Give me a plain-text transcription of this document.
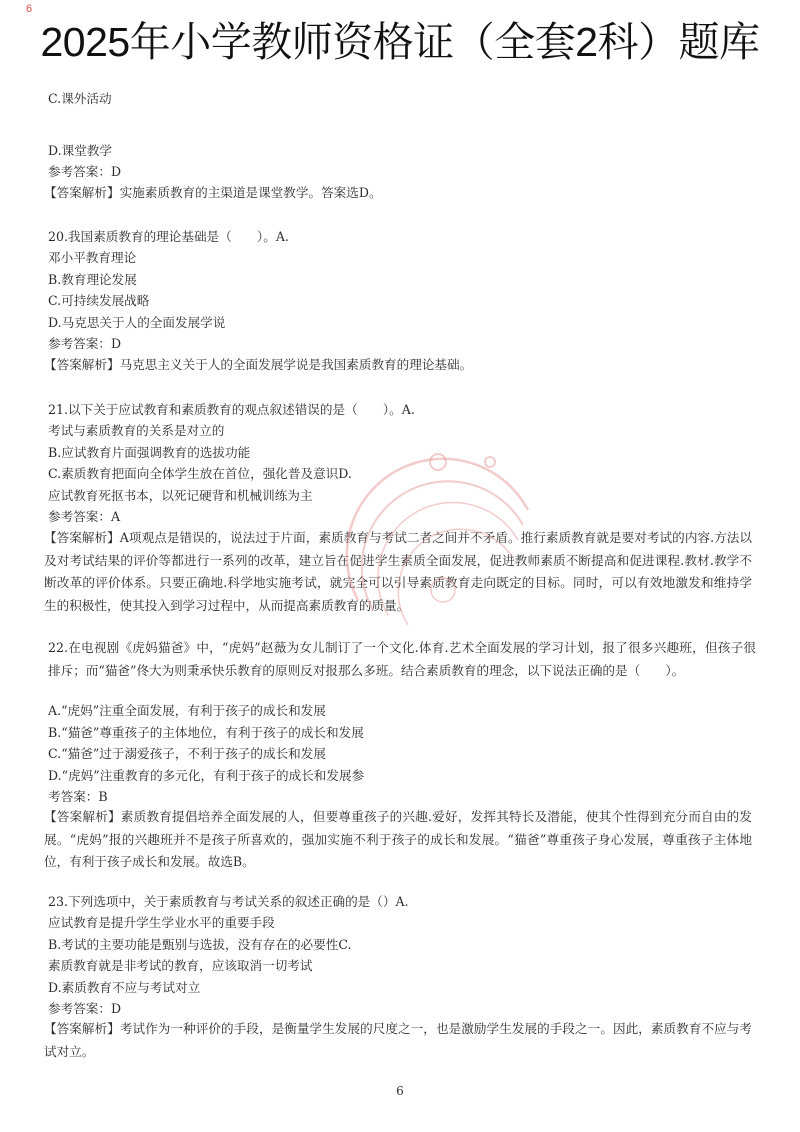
6
2025年小学教师资格证（全套2科）题库
C.课外活动
D.课堂教学
参考答案：D
【答案解析】实施素质教育的主渠道是课堂教学。答案选D。
20.我国素质教育的理论基础是（　　）。A.
邓小平教育理论
B.教育理论发展
C.可持续发展战略
D.马克思关于人的全面发展学说
参考答案：D
【答案解析】马克思主义关于人的全面发展学说是我国素质教育的理论基础。
21.以下关于应试教育和素质教育的观点叙述错误的是（　　）。A.
考试与素质教育的关系是对立的
B.应试教育片面强调教育的选拔功能
C.素质教育把面向全体学生放在首位，强化普及意识D.
应试教育死抠书本，以死记硬背和机械训练为主
参考答案：A
【答案解析】A项观点是错误的，说法过于片面，素质教育与考试二者之间并不矛盾。推行素质教育就是要对考试的内容.方法以及对考试结果的评价等都进行一系列的改革，建立旨在促进学生素质全面发展，促进教师素质不断提高和促进课程.教材.教学不断改革的评价体系。只要正确地.科学地实施考试，就完全可以引导素质教育走向既定的目标。同时，可以有效地激发和维持学生的积极性，使其投入到学习过程中，从而提高素质教育的质量。
22.在电视剧《虎妈猫爸》中，“虎妈”赵薇为女儿制订了一个文化.体育.艺术全面发展的学习计划，报了很多兴趣班，但孩子很排斥；而“猫爸”佟大为则秉承快乐教育的原则反对报那么多班。结合素质教育的理念，以下说法正确的是（　　）。
A.“虎妈”注重全面发展，有利于孩子的成长和发展
B.“猫爸”尊重孩子的主体地位，有利于孩子的成长和发展
C.“猫爸”过于溺爱孩子，不利于孩子的成长和发展
D.“虎妈”注重教育的多元化，有利于孩子的成长和发展参
考答案：B
【答案解析】素质教育提倡培养全面发展的人，但要尊重孩子的兴趣.爱好，发挥其特长及潜能，使其个性得到充分而自由的发展。“虎妈”报的兴趣班并不是孩子所喜欢的，强加实施不利于孩子的成长和发展。“猫爸”尊重孩子身心发展，尊重孩子主体地位，有利于孩子成长和发展。故选B。
23.下列选项中，关于素质教育与考试关系的叙述正确的是（）A.
应试教育是提升学生学业水平的重要手段
B.考试的主要功能是甄别与选拔，没有存在的必要性C.
素质教育就是非考试的教育，应该取消一切考试
D.素质教育不应与考试对立
参考答案：D
【答案解析】考试作为一种评价的手段，是衡量学生发展的尺度之一，也是激励学生发展的手段之一。因此，素质教育不应与考试对立。
6
